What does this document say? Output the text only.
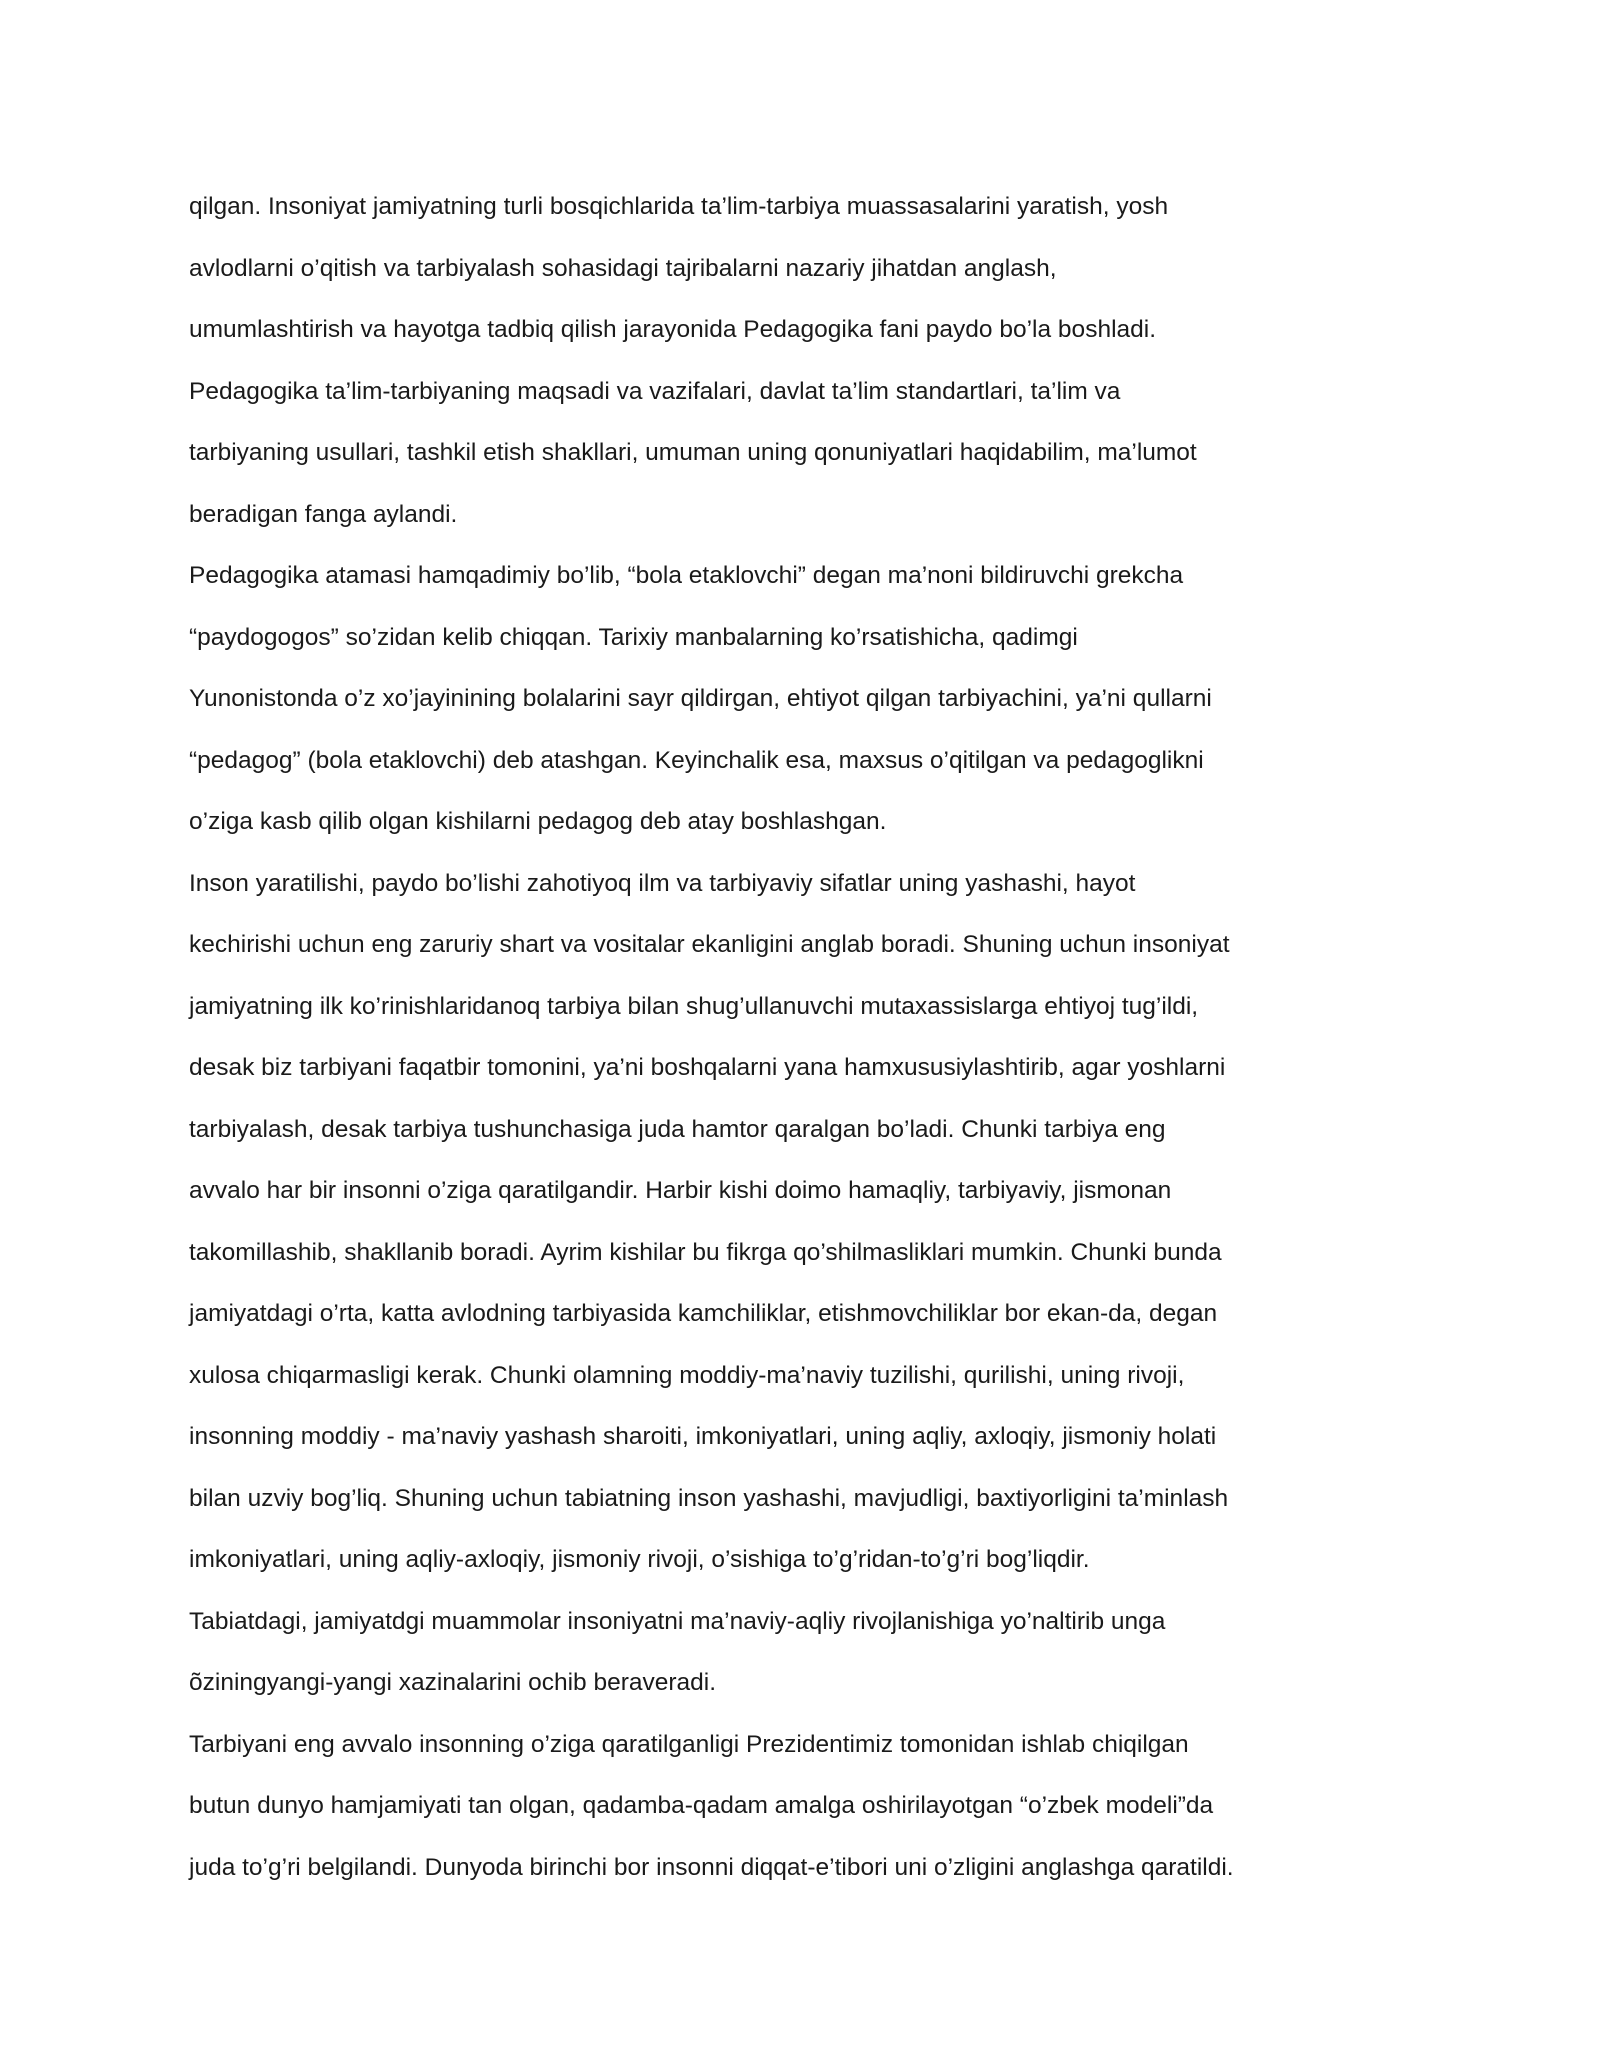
qilgan. Insoniyat jamiyatning turli bosqichlarida ta’lim-tarbiya muassasalarini yaratish, yosh
avlodlarni o’qitish va tarbiyalash sohasidagi tajribalarni nazariy jihatdan anglash,
umumlashtirish va hayotga tadbiq qilish jarayonida Pedagogika fani paydo bo’la boshladi.
Pedagogika ta’lim-tarbiyaning maqsadi va vazifalari, davlat ta’lim standartlari, ta’lim va
tarbiyaning usullari, tashkil etish shakllari, umuman uning qonuniyatlari haqidabilim, ma’lumot
beradigan fanga aylandi.
Pedagogika atamasi hamqadimiy bo’lib, “bola etaklovchi” degan ma’noni bildiruvchi grekcha
“paydogogos” so’zidan kelib chiqqan. Tarixiy manbalarning ko’rsatishicha, qadimgi
Yunonistonda o’z xo’jayinining bolalarini sayr qildirgan, ehtiyot qilgan tarbiyachini, ya’ni qullarni
“pedagog” (bola etaklovchi) deb atashgan. Keyinchalik esa, maxsus o’qitilgan va pedagoglikni
o’ziga kasb qilib olgan kishilarni pedagog deb atay boshlashgan.
Inson yaratilishi, paydo bo’lishi zahotiyoq ilm va tarbiyaviy sifatlar uning yashashi, hayot
kechirishi uchun eng zaruriy shart va vositalar ekanligini anglab boradi. Shuning uchun insoniyat
jamiyatning ilk ko’rinishlaridanoq tarbiya bilan shug’ullanuvchi mutaxassislarga ehtiyoj tug’ildi,
desak biz tarbiyani faqatbir tomonini, ya’ni boshqalarni yana hamxususiylashtirib, agar yoshlarni
tarbiyalash, desak tarbiya tushunchasiga juda hamtor qaralgan bo’ladi. Chunki tarbiya eng
avvalo har bir insonni o’ziga qaratilgandir. Harbir kishi doimo hamaqliy, tarbiyaviy, jismonan
takomillashib, shakllanib boradi. Ayrim kishilar bu fikrga qo’shilmasliklari mumkin. Chunki bunda
jamiyatdagi o’rta, katta avlodning tarbiyasida kamchiliklar, etishmovchiliklar bor ekan-da, degan
xulosa chiqarmasligi kerak. Chunki olamning moddiy-ma’naviy tuzilishi, qurilishi, uning rivoji,
insonning moddiy - ma’naviy yashash sharoiti, imkoniyatlari, uning aqliy, axloqiy, jismoniy holati
bilan uzviy bog’liq. Shuning uchun tabiatning inson yashashi, mavjudligi, baxtiyorligini ta’minlash
imkoniyatlari, uning aqliy-axloqiy, jismoniy rivoji, o’sishiga to’g’ridan-to’g’ri bog’liqdir.
Tabiatdagi, jamiyatdgi muammolar insoniyatni ma’naviy-aqliy rivojlanishiga yo’naltirib unga
õziningyangi-yangi xazinalarini ochib beraveradi.
Tarbiyani eng avvalo insonning o’ziga qaratilganligi Prezidentimiz tomonidan ishlab chiqilgan
butun dunyo hamjamiyati tan olgan, qadamba-qadam amalga oshirilayotgan “o’zbek modeli”da
juda to’g’ri belgilandi. Dunyoda birinchi bor insonni diqqat-e’tibori uni o’zligini anglashga qaratildi.
